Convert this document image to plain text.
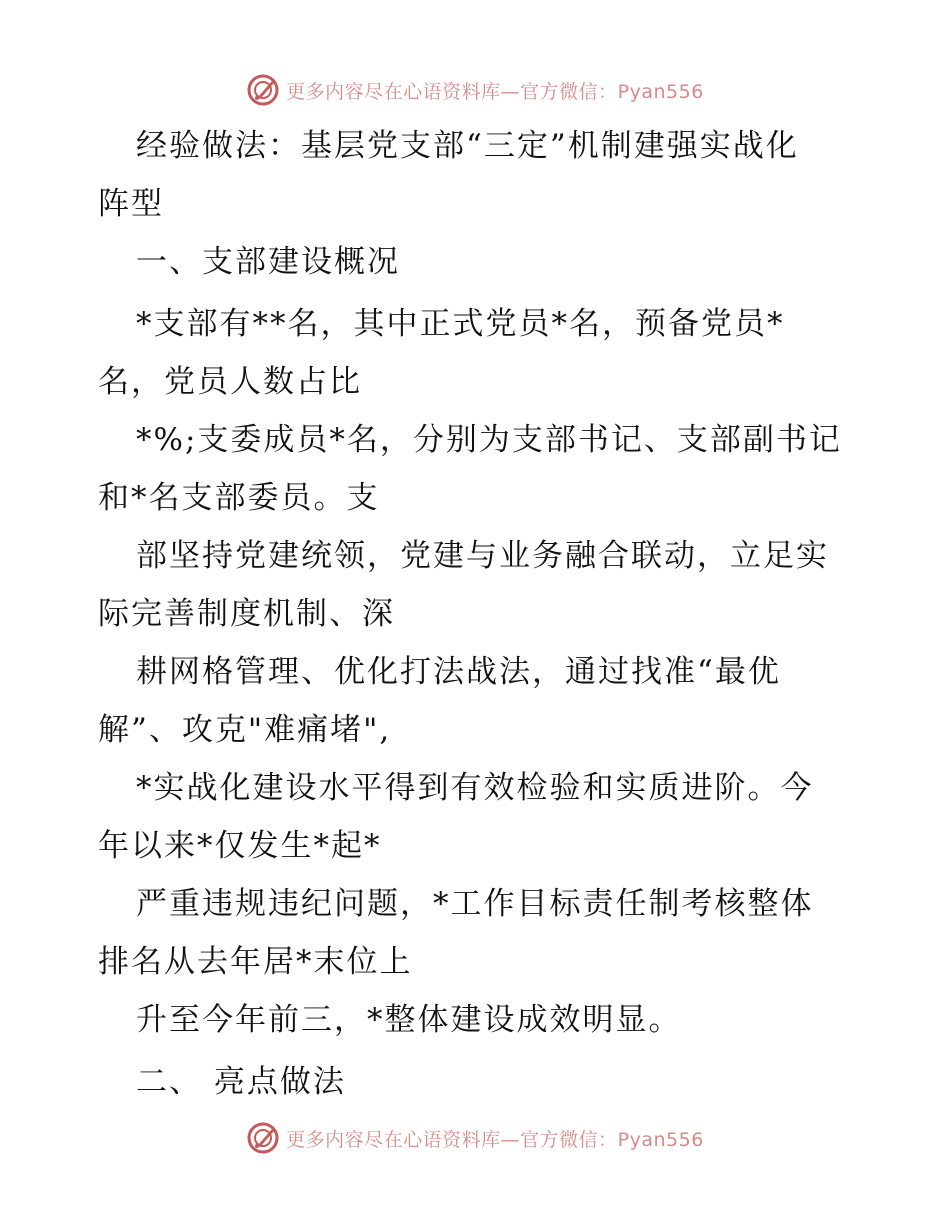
更多内容尽在心语资料库—官方微信：Pyan556
经验做法：基层党支部“三定”机制建强实战化
阵型
一、支部建设概况
*支部有**名，其中正式党员*名，预备党员*
名，党员人数占比
*%;支委成员*名，分别为支部书记、支部副书记
和*名支部委员。支
部坚持党建统领，党建与业务融合联动，立足实
际完善制度机制、深
耕网格管理、优化打法战法，通过找准“最优
解”、攻克"难痛堵",
*实战化建设水平得到有效检验和实质进阶。今
年以来*仅发生*起*
严重违规违纪问题，*工作目标责任制考核整体
排名从去年居*末位上
升至今年前三，*整体建设成效明显。
二、 亮点做法
更多内容尽在心语资料库—官方微信：Pyan556
